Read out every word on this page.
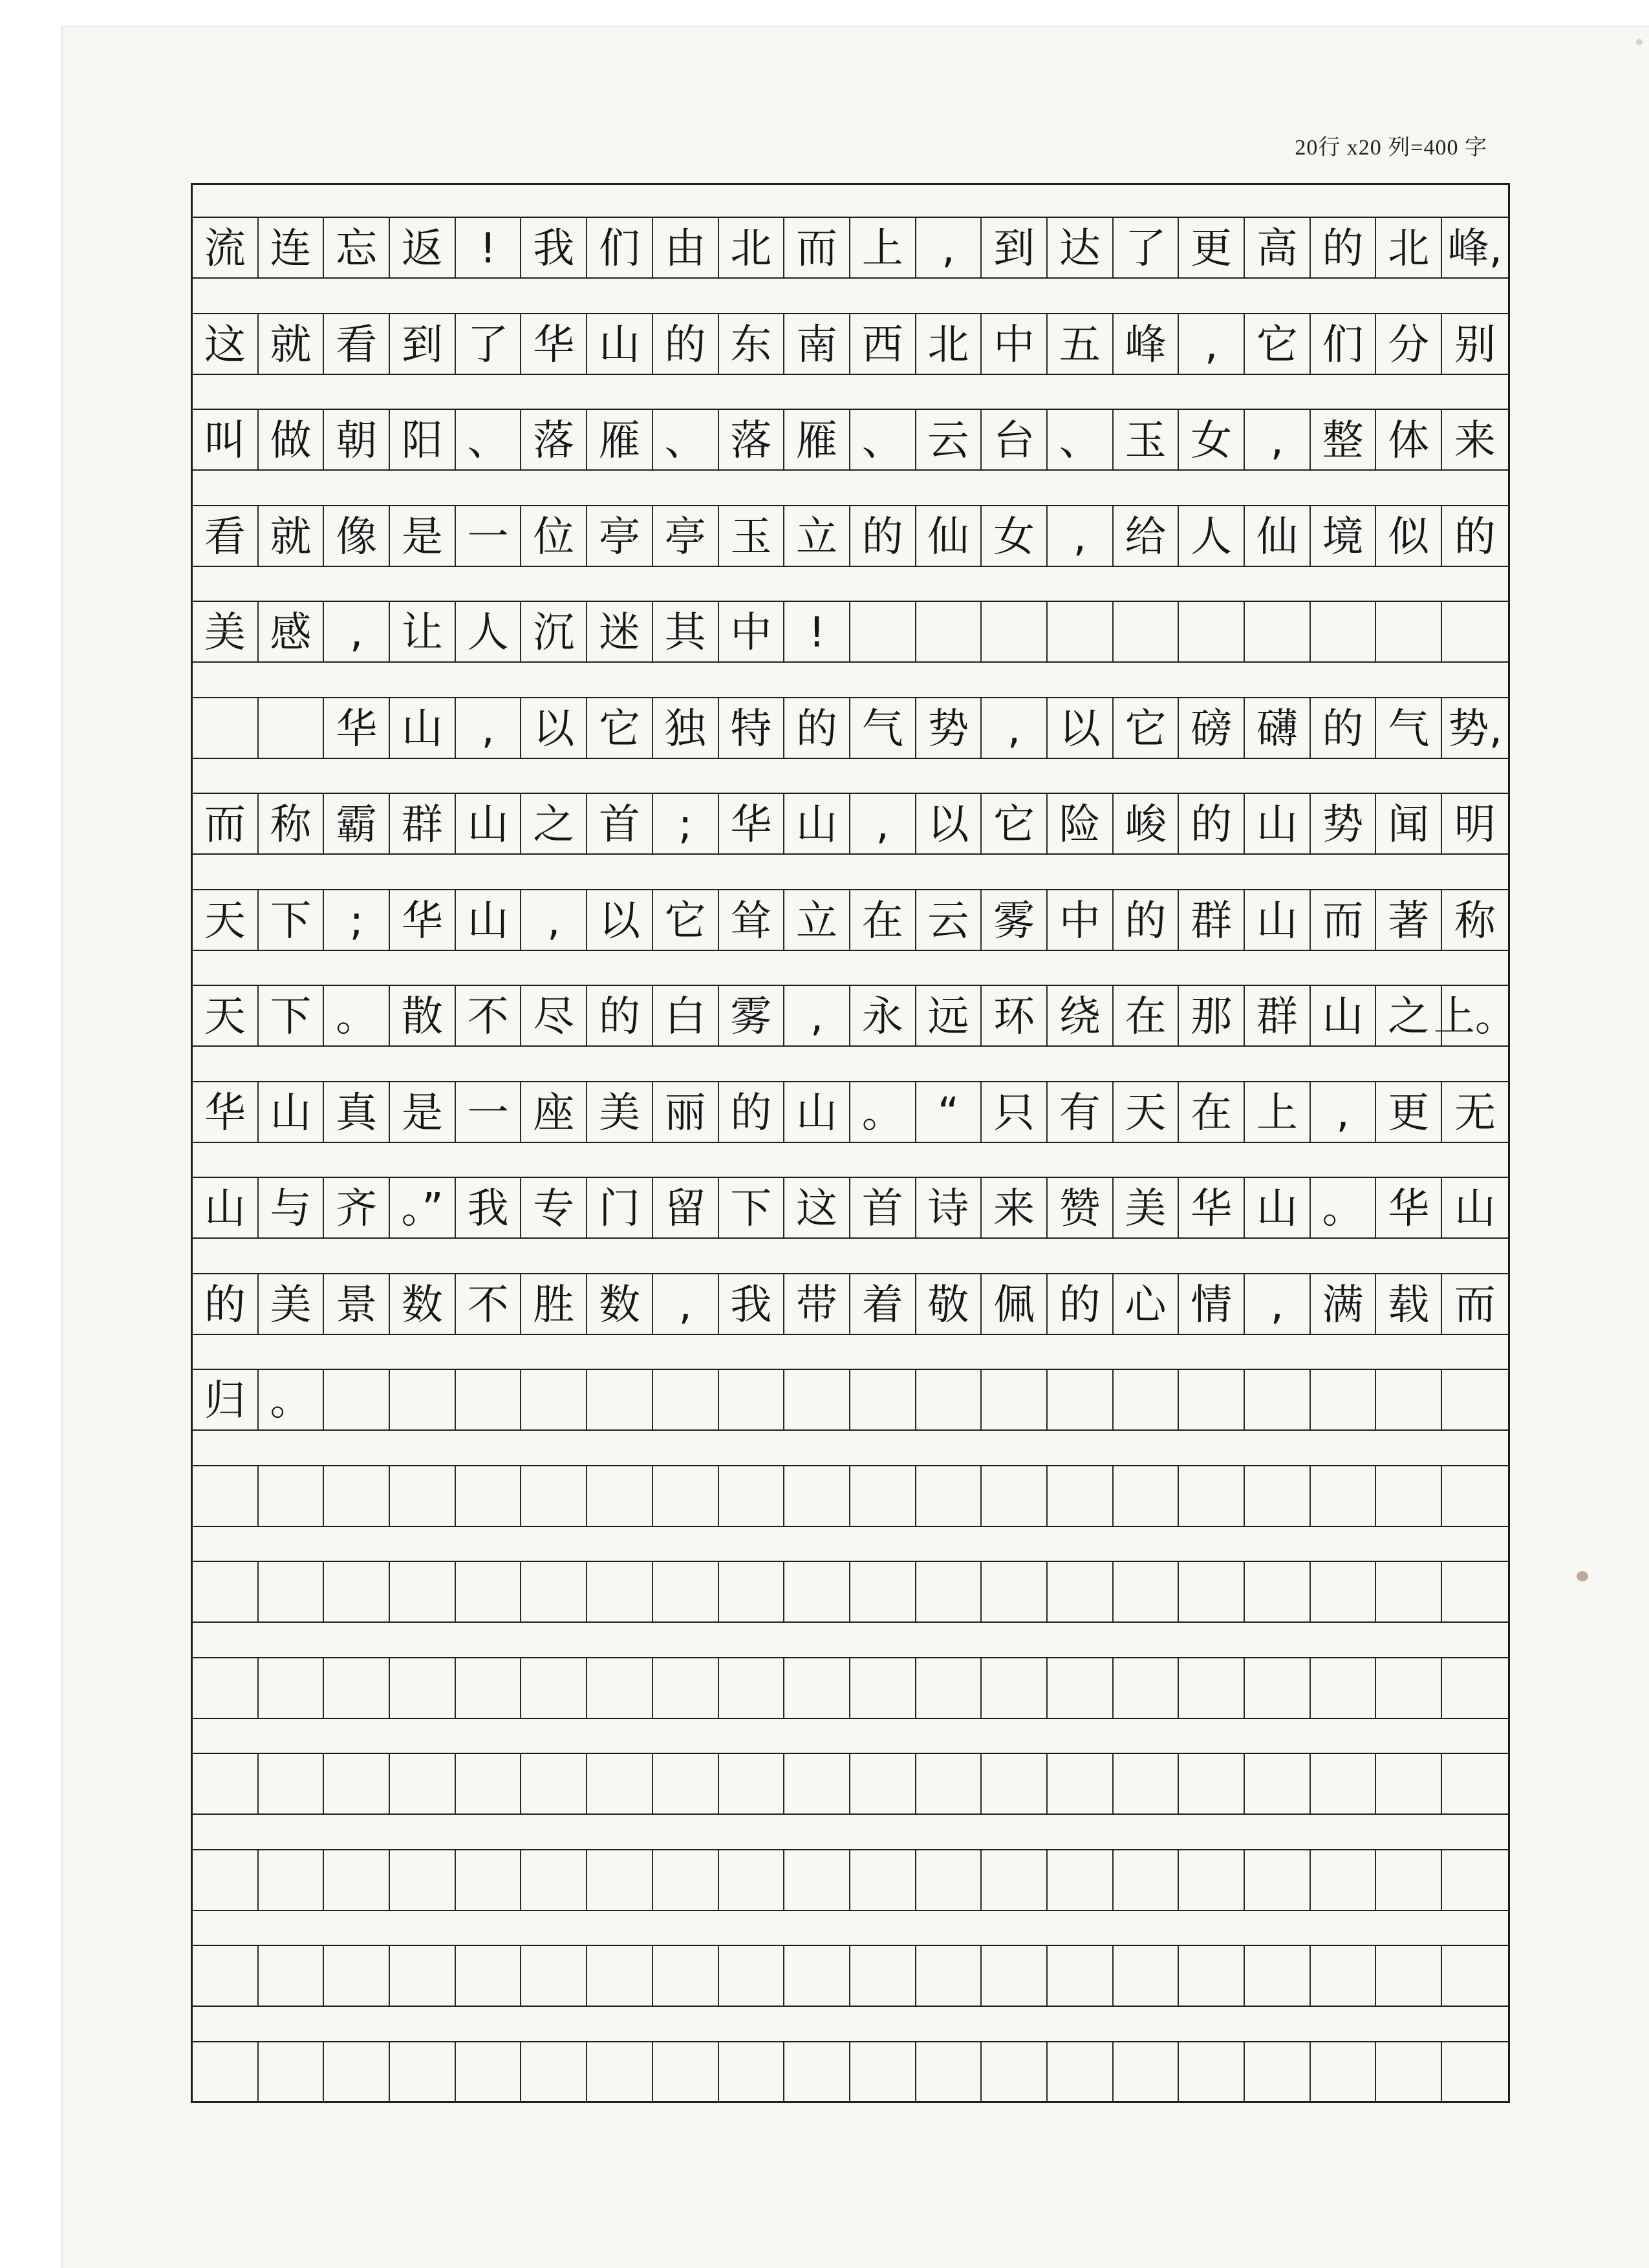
20行 x20 列=400 字
流 连 忘 返 ! 我 们 由 北 而 上 , 到 达 了 更 高 的 北 峰,
这 就 看 到 了 华 山 的 东 南 西 北 中 五 峰 , 它 们 分 别
叫 做 朝 阳 、 落 雁 、 落 雁 、 云 台 、 玉 女 , 整 体 来
看 就 像 是 一 位 亭 亭 玉 立 的 仙 女 , 给 人 仙 境 似 的
美 感 , 让 人 沉 迷 其 中 !
华 山 , 以 它 独 特 的 气 势 , 以 它 磅 礴 的 气 势,
而 称 霸 群 山 之 首 ; 华 山 , 以 它 险 峻 的 山 势 闻 明
天 下 ; 华 山 , 以 它 耸 立 在 云 雾 中 的 群 山 而 著 称
天 下 。 散 不 尽 的 白 雾 , 永 远 环 绕 在 那 群 山 之 上。
华 山 真 是 一 座 美 丽 的 山 。 “ 只 有 天 在 上 , 更 无
山 与 齐 。” 我 专 门 留 下 这 首 诗 来 赞 美 华 山 。 华 山
的 美 景 数 不 胜 数 , 我 带 着 敬 佩 的 心 情 , 满 载 而
归 。
